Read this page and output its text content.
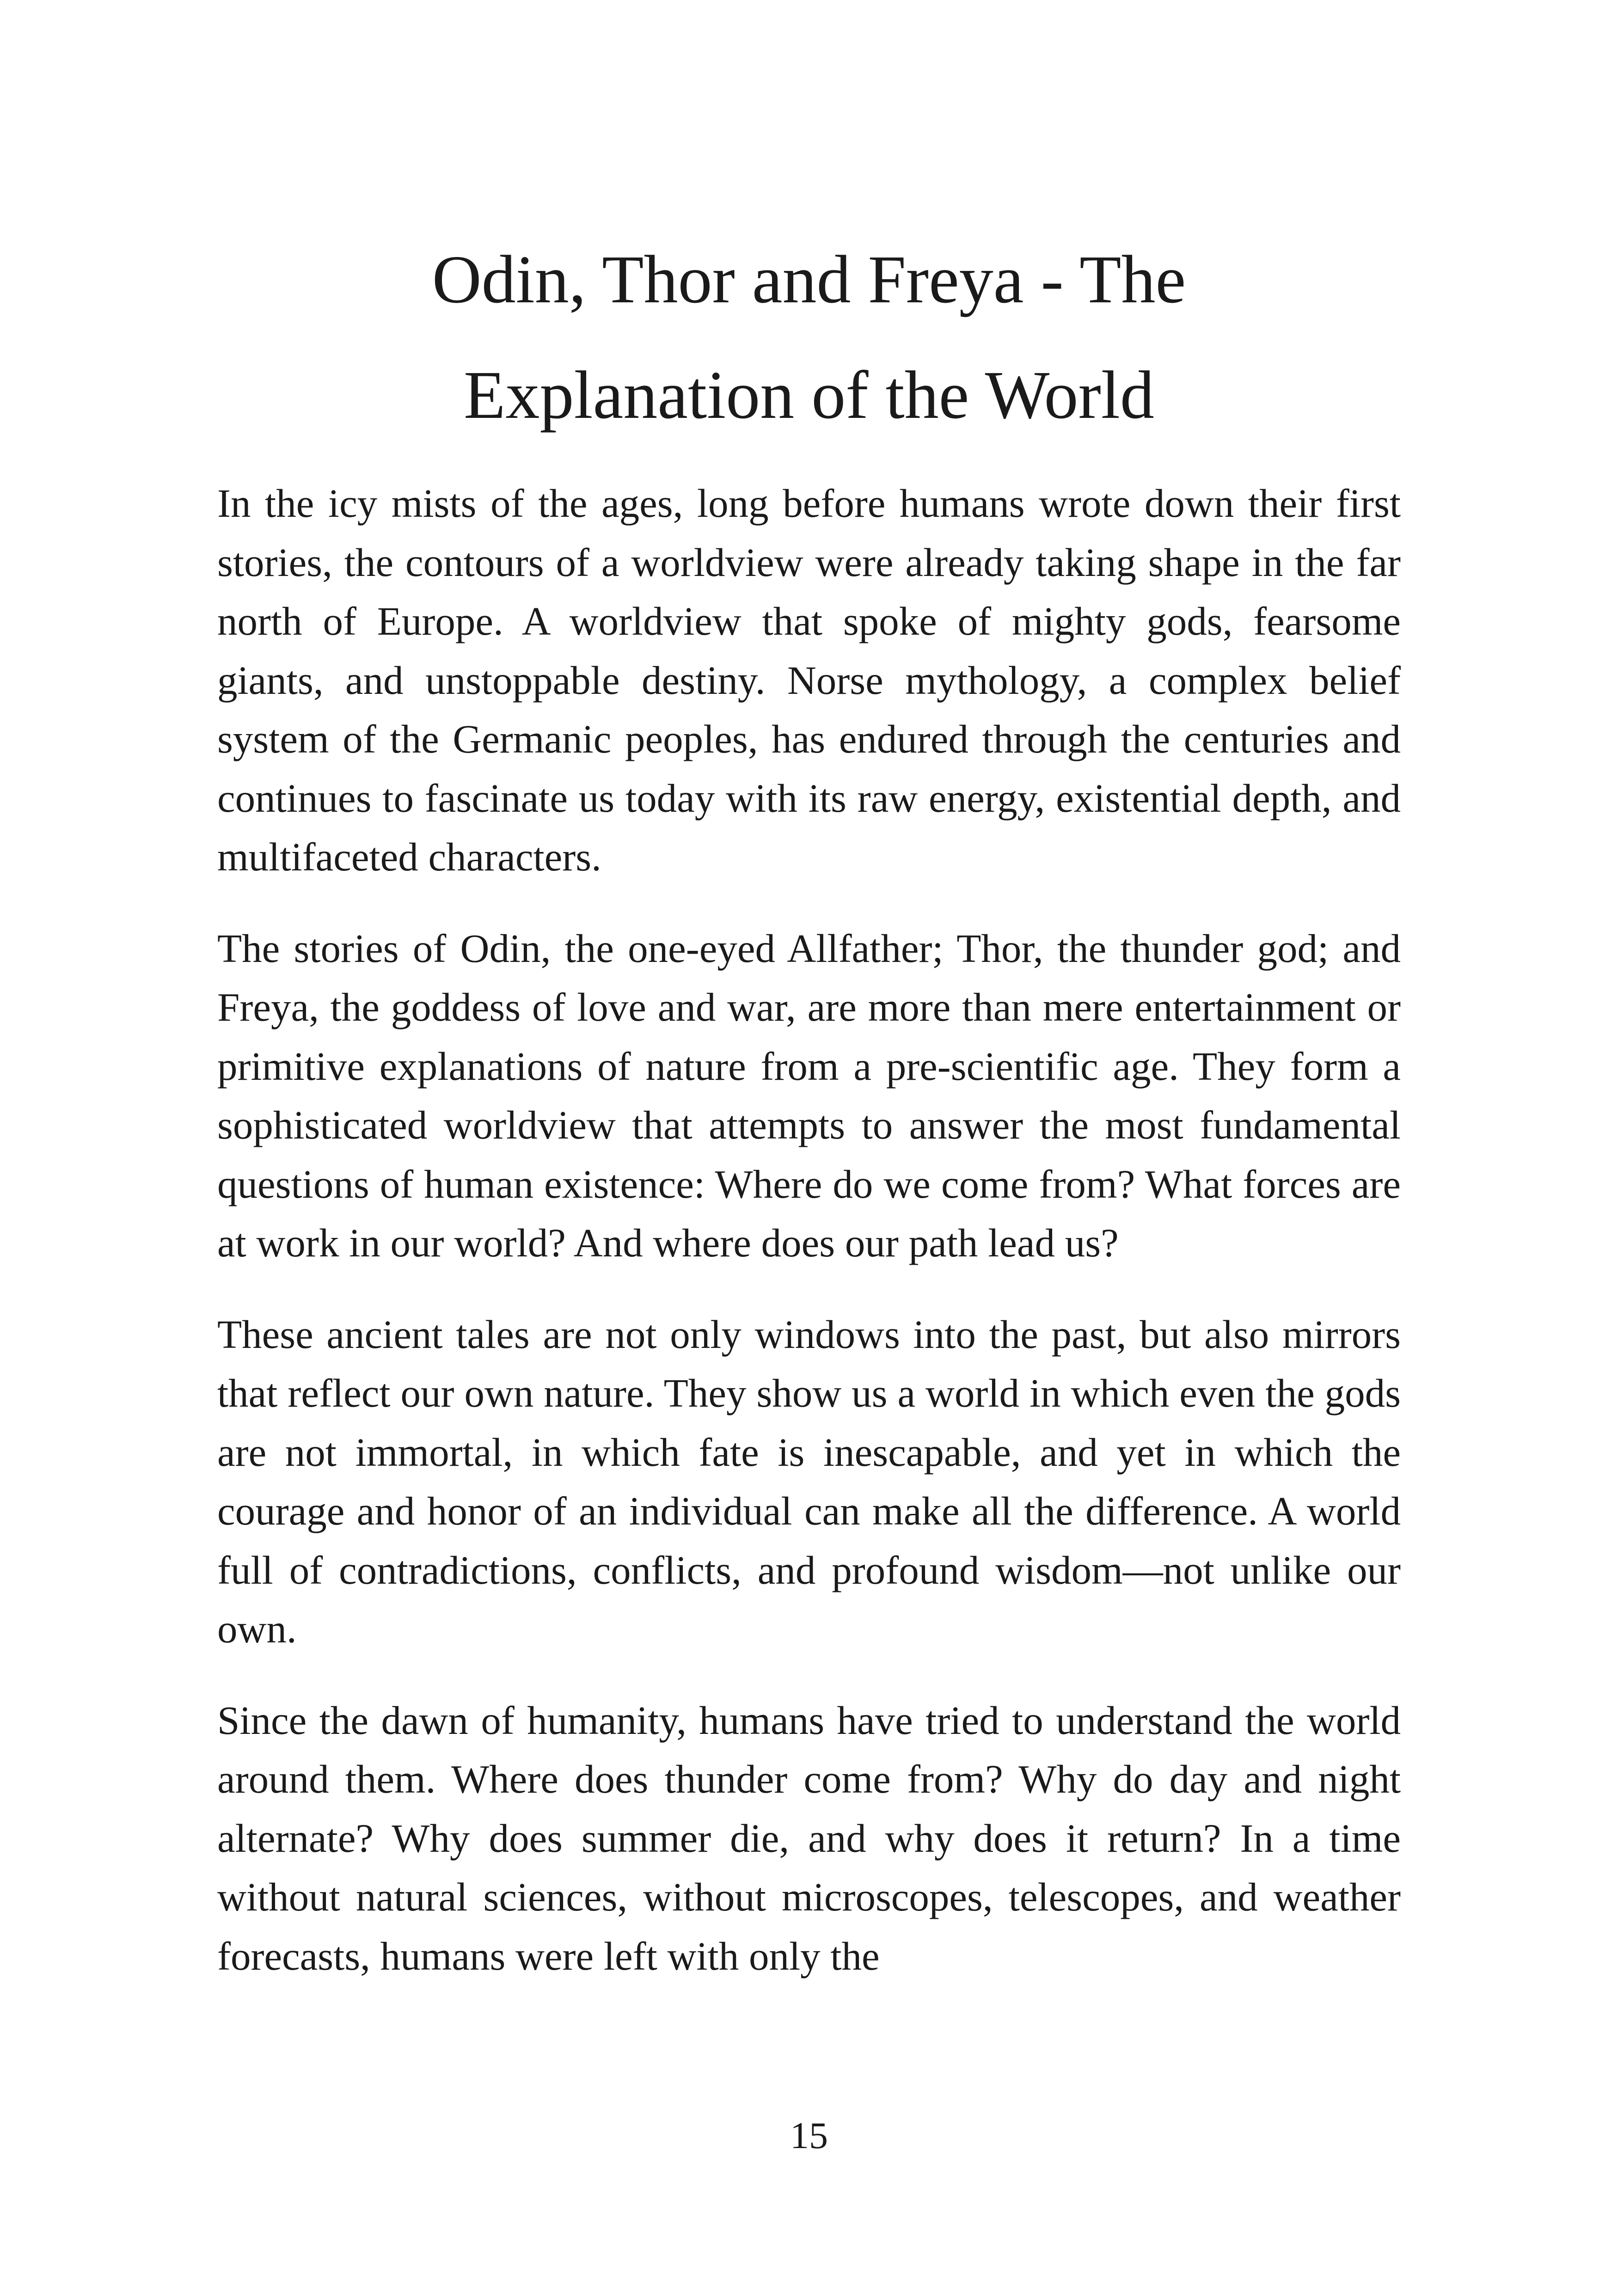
Odin, Thor and Freya - The
Explanation of the World

In the icy mists of the ages, long before humans wrote down their first stories, the contours of a worldview were already taking shape in the far north of Europe. A worldview that spoke of mighty gods, fearsome giants, and unstoppable destiny. Norse mythology, a complex belief system of the Germanic peoples, has endured through the centuries and continues to fascinate us today with its raw energy, existential depth, and multifaceted characters.

The stories of Odin, the one-eyed Allfather; Thor, the thunder god; and Freya, the goddess of love and war, are more than mere entertainment or primitive explanations of nature from a pre-scientific age. They form a sophisticated worldview that attempts to answer the most fundamental questions of human existence: Where do we come from? What forces are at work in our world? And where does our path lead us?

These ancient tales are not only windows into the past, but also mirrors that reflect our own nature. They show us a world in which even the gods are not immortal, in which fate is inescapable, and yet in which the courage and honor of an individual can make all the difference. A world full of contradictions, conflicts, and profound wisdom—not unlike our own.

Since the dawn of humanity, humans have tried to understand the world around them. Where does thunder come from? Why do day and night alternate? Why does summer die, and why does it return? In a time without natural sciences, without microscopes, telescopes, and weather forecasts, humans were left with only the

15
